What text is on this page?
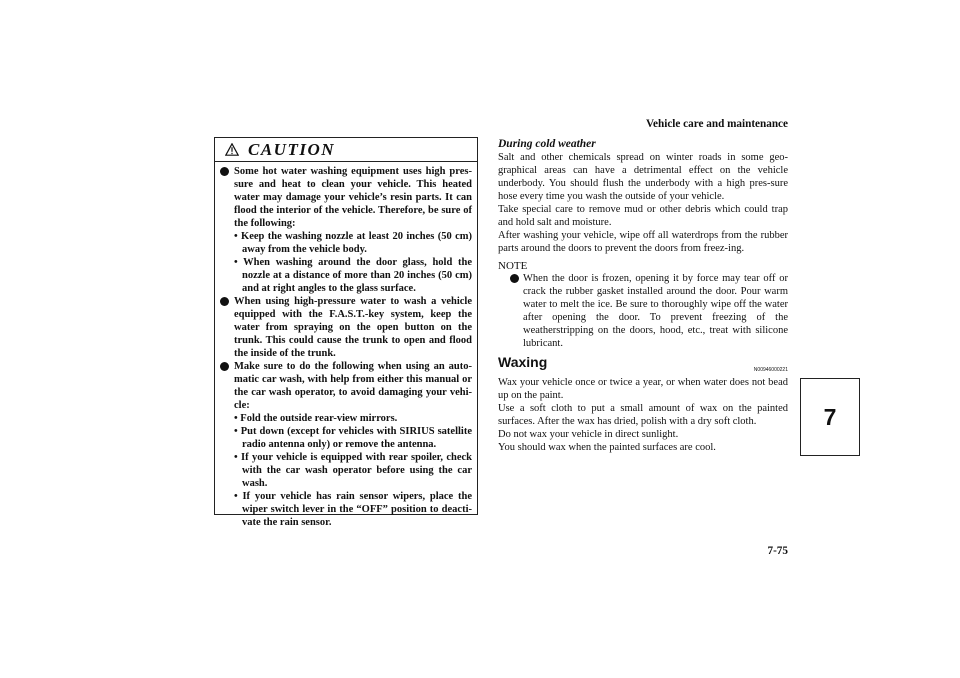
Vehicle care and maintenance
CAUTION
Some hot water washing equipment uses high pres-sure and heat to clean your vehicle. This heated water may damage your vehicle’s resin parts. It can flood the interior of the vehicle. Therefore, be sure of the following:
• Keep the washing nozzle at least 20 inches (50 cm) away from the vehicle body.
• When washing around the door glass, hold the nozzle at a distance of more than 20 inches (50 cm) and at right angles to the glass surface.
When using high-pressure water to wash a vehicle equipped with the F.A.S.T.-key system, keep the water from spraying on the open button on the trunk. This could cause the trunk to open and flood the inside of the trunk.
Make sure to do the following when using an auto-matic car wash, with help from either this manual or the car wash operator, to avoid damaging your vehi-cle:
• Fold the outside rear-view mirrors.
• Put down (except for vehicles with SIRIUS satellite radio antenna only) or remove the antenna.
• If your vehicle is equipped with rear spoiler, check with the car wash operator before using the car wash.
• If your vehicle has rain sensor wipers, place the wiper switch lever in the “OFF” position to deacti-vate the rain sensor.
During cold weather

Salt and other chemicals spread on winter roads in some geo-graphical areas can have a detrimental effect on the vehicle underbody. You should flush the underbody with a high pres-sure hose every time you wash the outside of your vehicle.

Take special care to remove mud or other debris which could trap and hold salt and moisture.

After washing your vehicle, wipe off all waterdrops from the rubber parts around the doors to prevent the doors from freez-ing.

NOTE
When the door is frozen, opening it by force may tear off or crack the rubber gasket installed around the door. Pour warm water to melt the ice. Be sure to thoroughly wipe off the water after opening the door. To prevent freezing of the weatherstripping on the doors, hood, etc., treat with silicone lubricant.
Waxing	N00946000221

Wax your vehicle once or twice a year, or when water does not bead up on the paint.

Use a soft cloth to put a small amount of wax on the painted surfaces. After the wax has dried, polish with a dry soft cloth.

Do not wax your vehicle in direct sunlight.

You should wax when the painted surfaces are cool.

7
7-75
